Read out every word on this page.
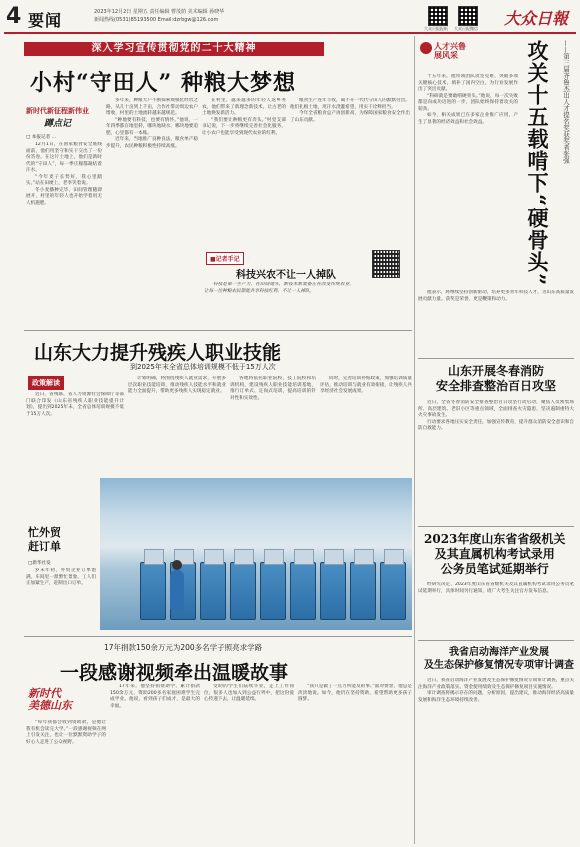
4 要闻	2023年12月2日 星期五 责任编辑 曹茂荫 美术编辑 孙晓华
新闻热线(0531)85193500 Email:dzrbgw@126.com
大众日报报纸 大众日报微信
大众日報
深入学习宣传贯彻党的二十大精神
小村“守田人” 种粮大梦想
新时代新征程新伟业
蹲点记
□ 本报记者 …

12月1日，在国家粮食安全底线面前，他们用坚守和实干交出了一份份答卷。在这片土地上，他们是新时代的“守田人”，每一季庄稼都凝结着汗水。

“今年麦子长势好，我心里踏实。”站在田埂上，老李笑着说。

冬小麦播种完毕，田间管理随即展开，村里的年轻人也开始学着用无人机施肥。

多年来，种粮大户不断探索规模化经营之路，从几十亩到上千亩，合作社带动周边农户增收，村里的土地流转越来越规范。

“种地要有科技，也要有情怀。”他说，一年四季都在地里转，哪块地缺水、哪块地要追肥，心里都有一本账。

近年来，当地推广良种良法，粮食单产稳步提升，农民种粮积极性持续高涨。

在村里，越来越多的年轻人返乡务农，他们带来了新理念新技术，让古老的土地焕发新活力。

“我们要让种粮更有奔头。”村党支部书记说，下一步将继续完善社会化服务，让小农户也能享受到现代农业的红利。

粮食生产连年丰收，离不开一代代守田人的默默付出。他们扎根土地，用汗水浇灌希望，用实干诠释担当。

今年全省粮食总产再创新高，为保障国家粮食安全作出了山东贡献。

■记者手记
科技兴农不让一人掉队

科技是第一生产力，在田间地头，新技术新装备正在改变传统农业，让每一位种粮农民都能共享科技红利，不让一人掉队。

山东大力提升残疾人职业技能
到2025年末全省总体培训规模不低于15万人次
政策解读

近日，省残联、省人力资源社会保障厅等部门联合印发《山东省残疾人职业技能提升计划》，提出到2025年末，全省总体培训规模不低于15万人次。

计划明确，将围绕残疾人就业需求，开展多层次职业技能培训，推动残疾人技能水平和就业能力全面提升，帮助更多残疾人实现稳定就业。

各地将依托职业院校、技工院校和培训机构，建设残疾人职业技能培训基地，推行订单式、定岗式培训，提高培训的针对性和实效性。

同时，完善培训补贴政策，加强培训质量评估，推动培训与就业有效衔接，让残疾人共享经济社会发展成果。

忙外贸
赶订单
□新华社发

岁末年初，外贸企业订单饱满，车间里一派繁忙景象，工人们正加紧生产，赶制出口订单。

17年捐款150余万元为200多名学子照亮求学路
一段感谢视频牵出温暖故事
新时代
美德山东

“每年我都会收到资助款，是他让我有机会读完大学。”一段感谢视频在网上引发关注，也让一位默默资助学子的好心人走进了公众视野。

17年来，他坚持捐资助学，累计捐款150余万元，资助200多名家庭困难学生完成学业。他说，看到孩子们成才，是最大的幸福。

受助的学生们陆续毕业，走上工作岗位，很多人也加入到公益行列中，把这份爱心传递下去，让温暖延续。

“我只是做了一点力所能及的事。”面对赞誉，他总是淡淡地说。如今，他仍在坚持资助，希望帮助更多孩子圆梦。

人才兴鲁
展风采	攻关十五载啃下“硬骨头”	——第三届齐鲁杰出人才提名奖获奖者张强

十五年来，他带领团队攻坚克难，突破多项关键核心技术，填补了国内空白，为行业发展作出了突出贡献。

“科研就是要敢啃硬骨头。”他说，每一次失败都是向成功迈进的一步，团队始终保持着攻关的韧劲。

如今，相关成果已在多家企业推广应用，产生了显著的经济效益和社会效益。

他表示，将继续坚持创新驱动，培养更多青年科技人才，为山东高质量发展贡献力量。获奖是荣誉，更是鞭策和动力。

山东开展冬春消防
安全排查整治百日攻坚

近日，全省冬春消防安全排查整治百日攻坚行动启动，聚焦人员密集场所、高层建筑、老旧小区等重点领域，全面排查火灾隐患，坚决遏制重特大火灾事故发生。

行动要求各地压实安全责任，加强宣传教育，提升群众消防安全意识和自防自救能力。

2023年度山东省省级机关
及其直属机构考试录用
公务员笔试延期举行

经研究决定，2023年度山东省省级机关及其直属机构考试录用公务员笔试延期举行，具体时间另行通知，请广大考生关注官方发布信息。

我省启动海洋产业发展
及生态保护修复情况专项审计调查

近日，我省启动海洋产业发展及生态保护修复情况专项审计调查，重点关注海洋产业政策落实、资金使用绩效及生态保护修复项目实施情况。

审计调查将揭示存在的问题，分析原因，提出建议，推动海洋经济高质量发展和海洋生态环境持续改善。
